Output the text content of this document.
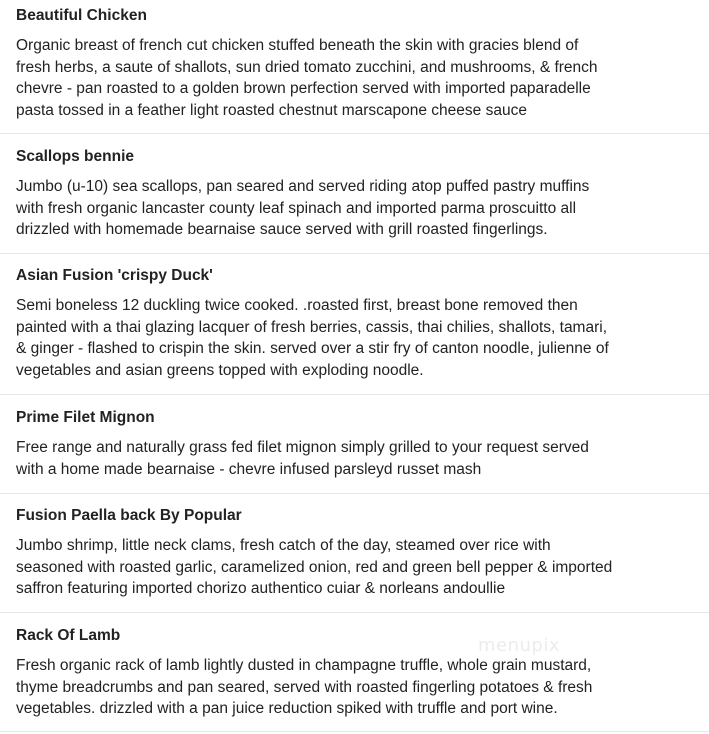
Beautiful Chicken

Organic breast of french cut chicken stuffed beneath the skin with gracies blend of
fresh herbs, a saute of shallots, sun dried tomato zucchini, and mushrooms, & french
chevre - pan roasted to a golden brown perfection served with imported paparadelle
pasta tossed in a feather light roasted chestnut marscapone cheese sauce

Scallops bennie

Jumbo (u-10) sea scallops, pan seared and served riding atop puffed pastry muffins
with fresh organic lancaster county leaf spinach and imported parma proscuitto all
drizzled with homemade bearnaise sauce served with grill roasted fingerlings.

Asian Fusion 'crispy Duck'

Semi boneless 12 duckling twice cooked. .roasted first, breast bone removed then
painted with a thai glazing lacquer of fresh berries, cassis, thai chilies, shallots, tamari,
& ginger - flashed to crispin the skin. served over a stir fry of canton noodle, julienne of
vegetables and asian greens topped with exploding noodle.

Prime Filet Mignon

Free range and naturally grass fed filet mignon simply grilled to your request served
with a home made bearnaise - chevre infused parsleyd russet mash

Fusion Paella back By Popular

Jumbo shrimp, little neck clams, fresh catch of the day, steamed over rice with
seasoned with roasted garlic, caramelized onion, red and green bell pepper & imported
saffron featuring imported chorizo authentico cuiar & norleans andoullie

Rack Of Lamb

Fresh organic rack of lamb lightly dusted in champagne truffle, whole grain mustard,
thyme breadcrumbs and pan seared, served with roasted fingerling potatoes & fresh
vegetables. drizzled with a pan juice reduction spiked with truffle and port wine.

menupix
